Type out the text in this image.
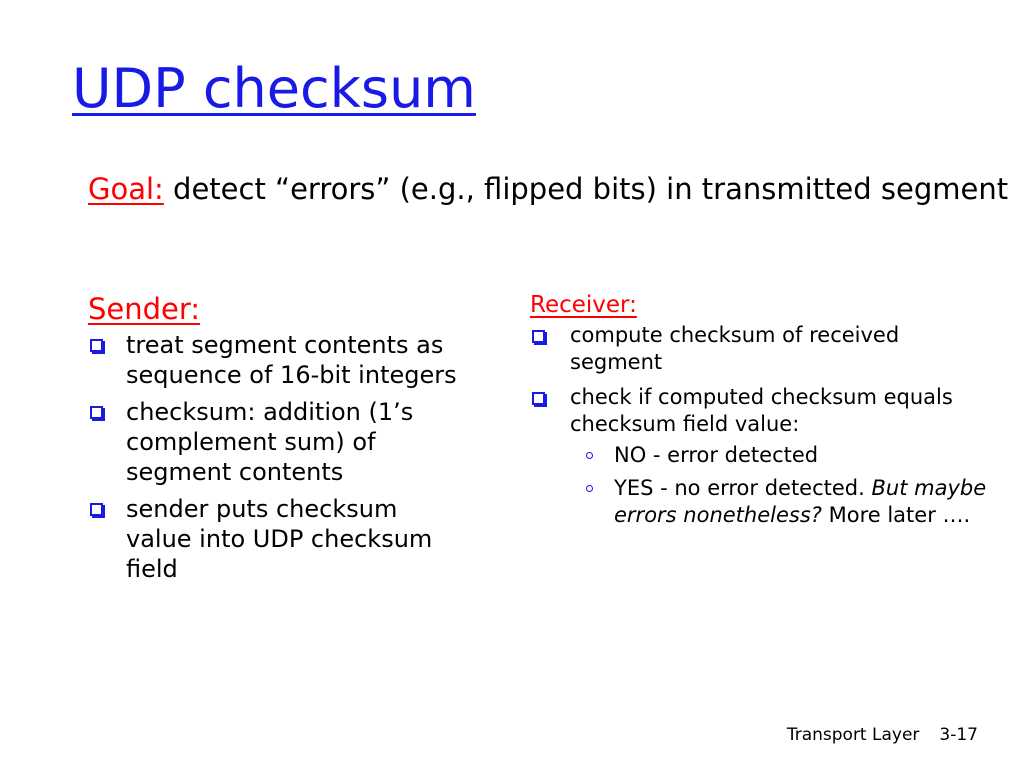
UDP checksum
Goal: detect “errors” (e.g., flipped bits) in transmitted segment
Sender:
treat segment contents as sequence of 16-bit integers
checksum: addition (1’s complement sum) of segment contents
sender puts checksum value into UDP checksum field
Receiver:
compute checksum of received segment
check if computed checksum equals checksum field value:
NO - error detected
YES - no error detected. But maybe errors nonetheless? More later ….
Transport Layer 3-17
